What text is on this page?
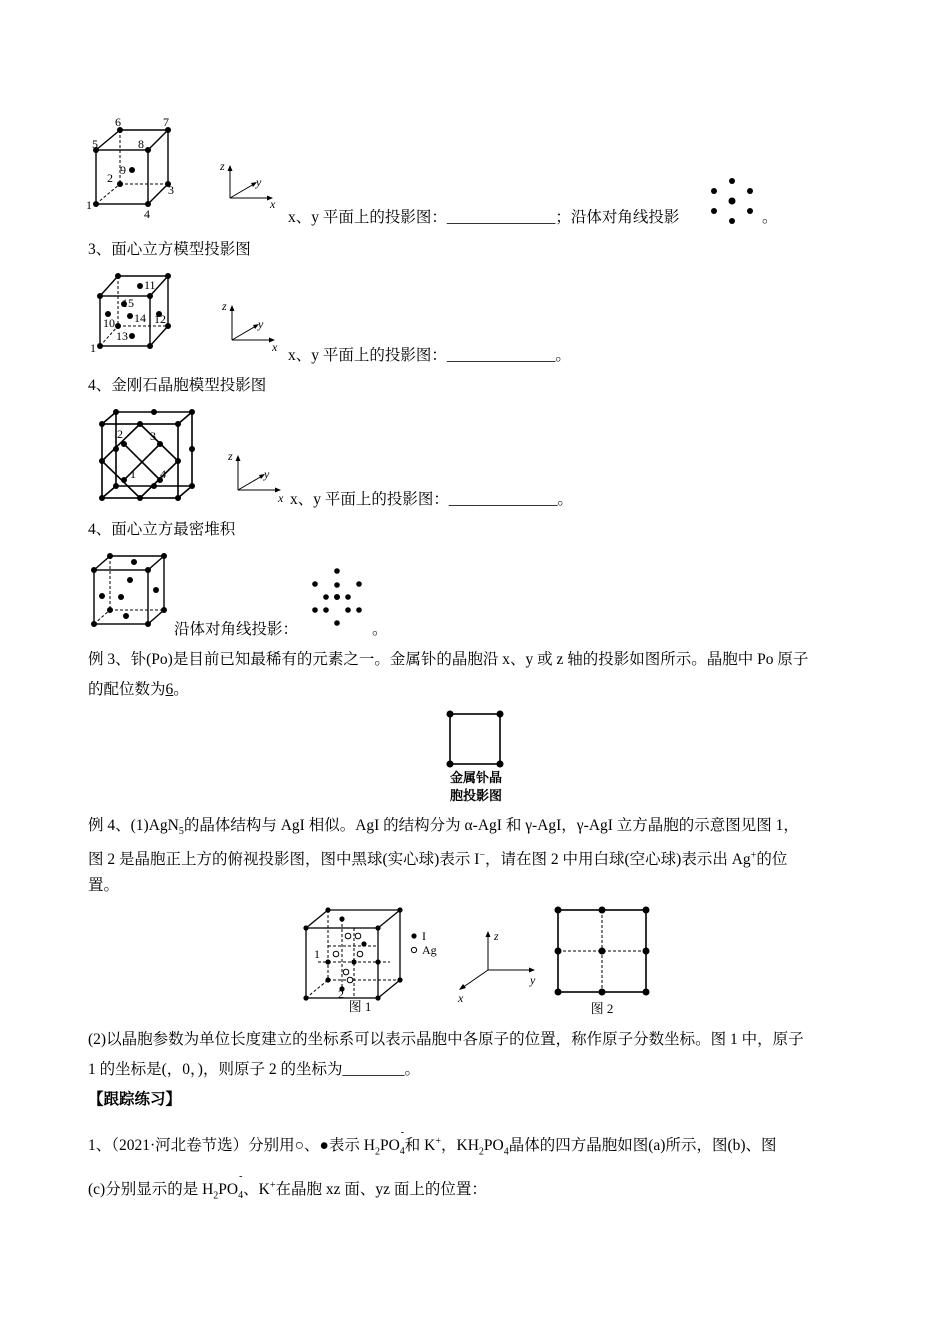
1
2
3
4
5
6	7
8
9	z
y
x
x、y 平面上的投影图：______________；沿体对角线投影	。
3、面心立方模型投影图
1
10
11
12
13
14
15	z
y
x x、y 平面上的投影图：______________。
4、金刚石晶胞模型投影图
2 3
1 4
z
y
x x、y 平面上的投影图：______________。
4、面心立方最密堆积
沿体对角线投影：	。
例 3、钋(Po)是目前已知最稀有的元素之一。金属钋的晶胞沿 x、y 或 z 轴的投影如图所示。晶胞中 Po 原子
的配位数为6。
金属钋晶
胞投影图
例 4、(1)AgN$_5$的晶体结构与 AgI 相似。AgI 的结构分为 α-AgI 和 γ-AgI，γ-AgI 立方晶胞的示意图见图 1，
图 2 是晶胞正上方的俯视投影图，图中黑球(实心球)表示 I−，请在图 2 中用白球(空心球)表示出 Ag+的位
置。
1
2
I
Ag
图 1
z
y
x
图 2
(2)以晶胞参数为单位长度建立的坐标系可以表示晶胞中各原子的位置，称作原子分数坐标。图 1 中，原子
1 的坐标是(，0，)，则原子 2 的坐标为________。
【跟踪练习】
1、（2021·河北卷节选）分别用○、●表示 $H_2PO$
-
$_4$和 K+，$KH_2PO_4$晶体的四方晶胞如图(a)所示，图(b)、图
(c)分别显示的是 $H_2PO$
-
$_4$、K+在晶胞 xz 面、yz 面上的位置：
